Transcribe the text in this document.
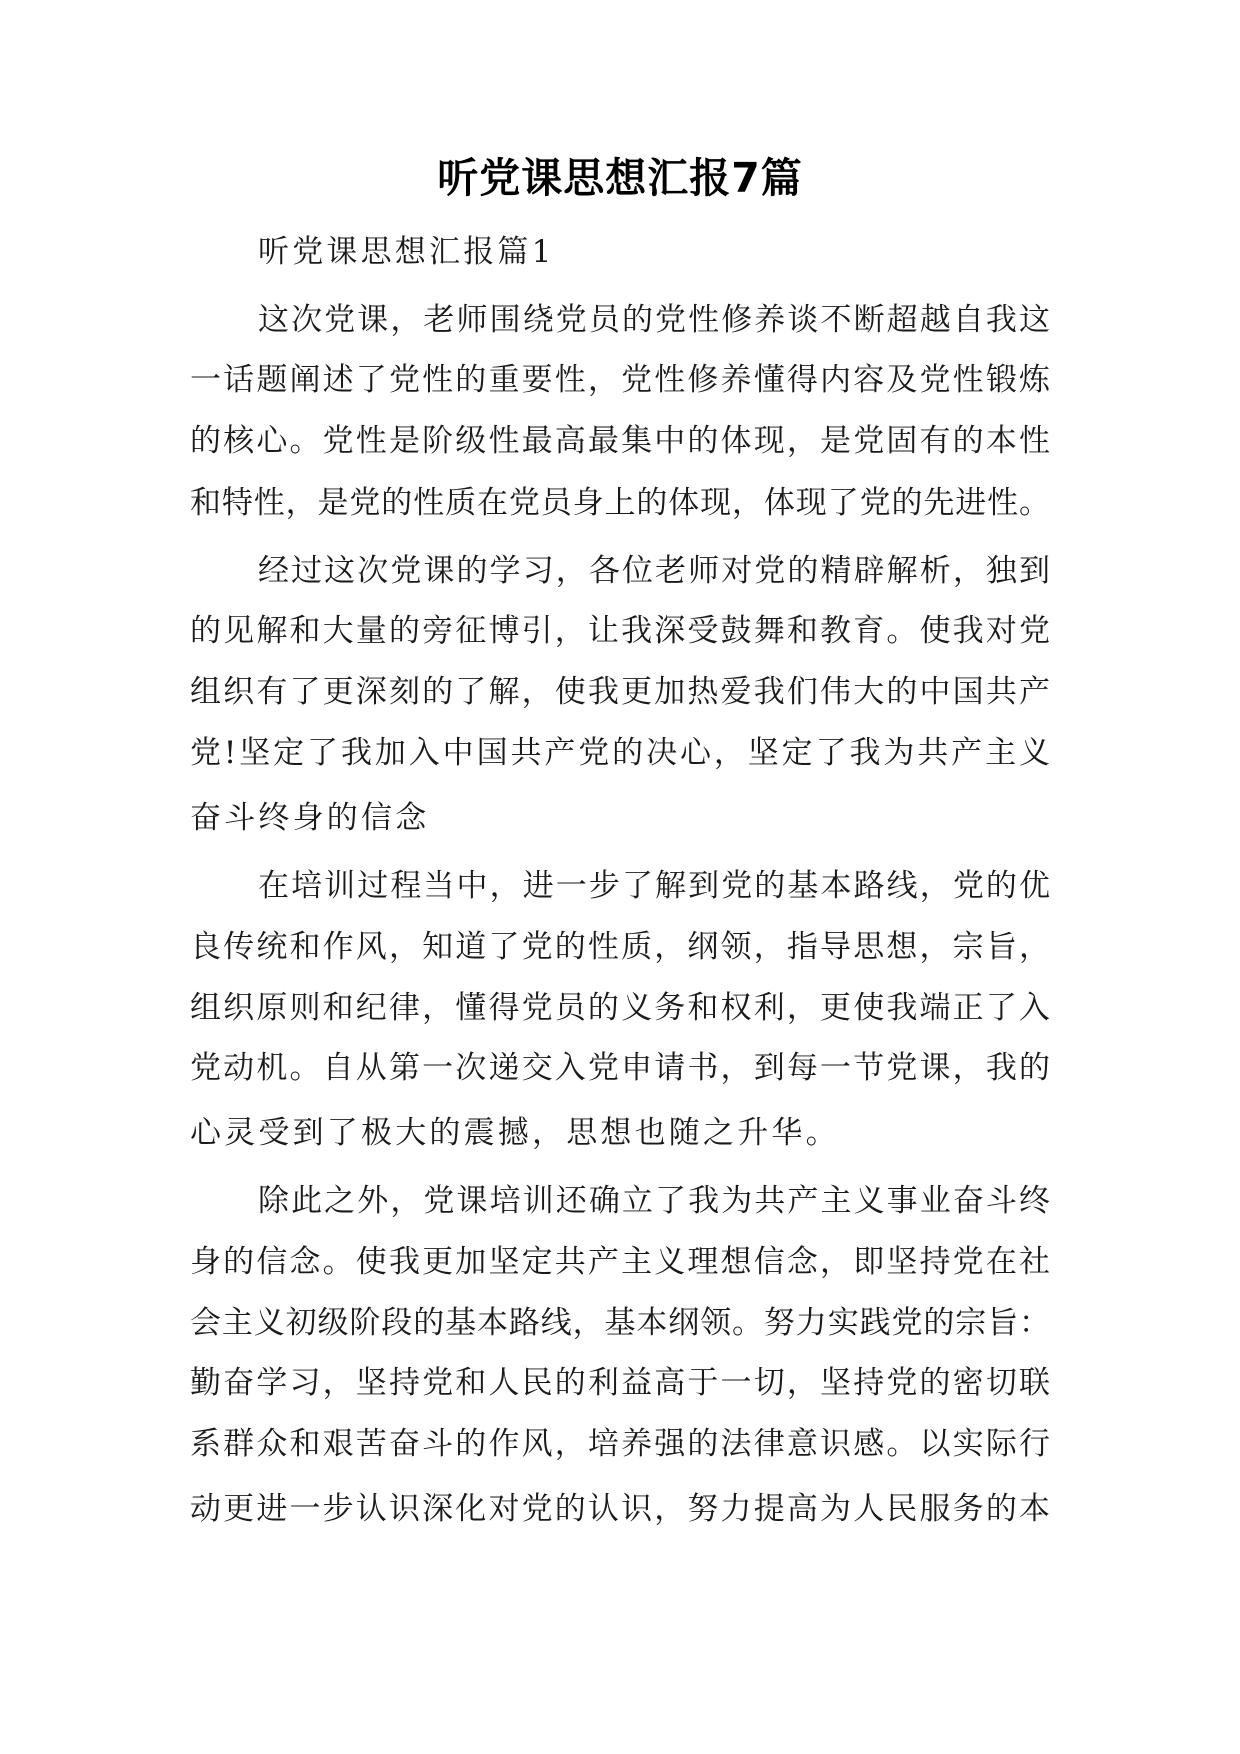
听党课思想汇报7篇
听党课思想汇报篇1
这次党课，老师围绕党员的党性修养谈不断超越自我这
一话题阐述了党性的重要性，党性修养懂得内容及党性锻炼
的核心。党性是阶级性最高最集中的体现，是党固有的本性
和特性，是党的性质在党员身上的体现，体现了党的先进性。
经过这次党课的学习，各位老师对党的精辟解析，独到
的见解和大量的旁征博引，让我深受鼓舞和教育。使我对党
组织有了更深刻的了解，使我更加热爱我们伟大的中国共产
党!坚定了我加入中国共产党的决心，坚定了我为共产主义
奋斗终身的信念
在培训过程当中，进一步了解到党的基本路线，党的优
良传统和作风，知道了党的性质，纲领，指导思想，宗旨，
组织原则和纪律，懂得党员的义务和权利，更使我端正了入
党动机。自从第一次递交入党申请书，到每一节党课，我的
心灵受到了极大的震撼，思想也随之升华。
除此之外，党课培训还确立了我为共产主义事业奋斗终
身的信念。使我更加坚定共产主义理想信念，即坚持党在社
会主义初级阶段的基本路线，基本纲领。努力实践党的宗旨：
勤奋学习，坚持党和人民的利益高于一切，坚持党的密切联
系群众和艰苦奋斗的作风，培养强的法律意识感。以实际行
动更进一步认识深化对党的认识，努力提高为人民服务的本
